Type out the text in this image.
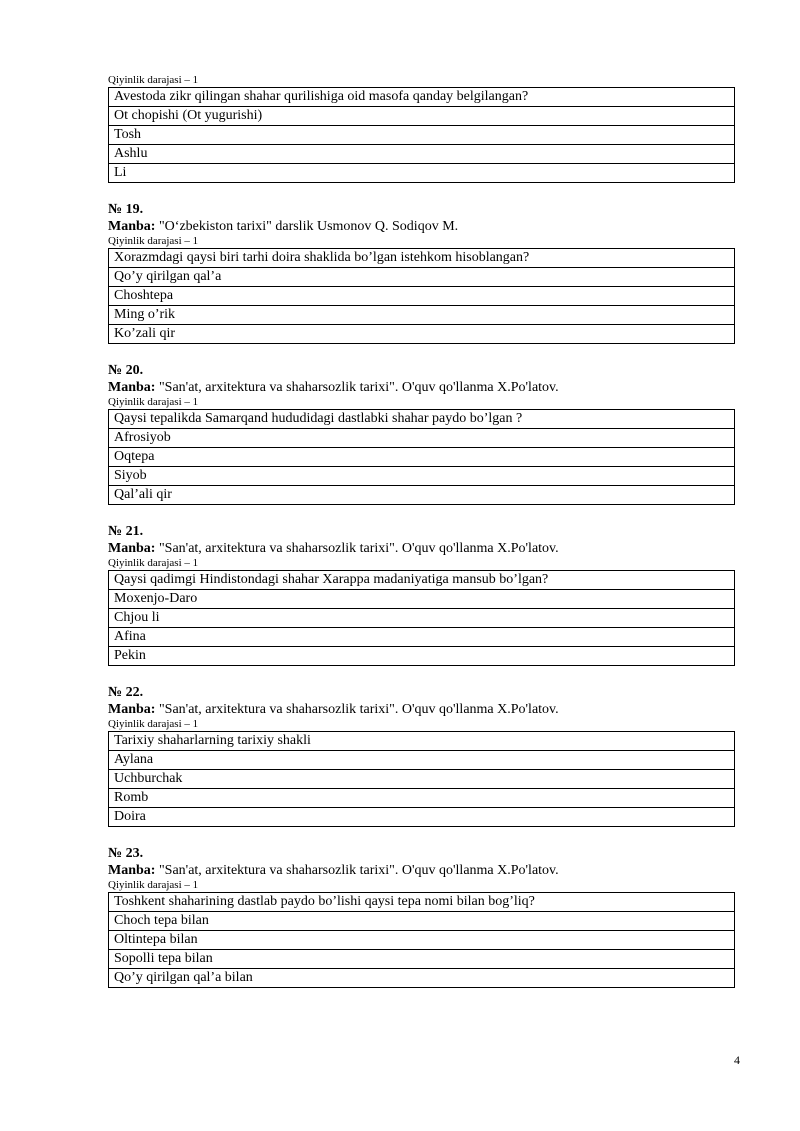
Qiyinlik darajasi – 1
Avestoda zikr qilingan shahar qurilishiga oid masofa qanday belgilangan?
Ot chopishi (Ot yugurishi)
Tosh
Ashlu
Li
№ 19.
Manba: "O‘zbekiston tarixi" darslik Usmonov Q. Sodiqov M.
Qiyinlik darajasi – 1
Xorazmdagi qaysi biri tarhi doira shaklida bo’lgan istehkom hisoblangan?
Qo’y qirilgan qal’a
Choshtepa
Ming o’rik
Ko’zali qir
№ 20.
Manba: "San'at, arxitektura va shaharsozlik tarixi". O'quv qo'llanma X.Po'latov.
Qiyinlik darajasi – 1
Qaysi tepalikda Samarqand hududidagi dastlabki shahar paydo bo’lgan ?
Afrosiyob
Oqtepa
Siyob
Qal’ali qir
№ 21.
Manba: "San'at, arxitektura va shaharsozlik tarixi". O'quv qo'llanma X.Po'latov.
Qiyinlik darajasi – 1
Qaysi qadimgi Hindistondagi shahar Xarappa madaniyatiga mansub bo’lgan?
Moxenjo-Daro
Chjou li
Afina
Pekin
№ 22.
Manba: "San'at, arxitektura va shaharsozlik tarixi". O'quv qo'llanma X.Po'latov.
Qiyinlik darajasi – 1
Tarixiy shaharlarning tarixiy shakli
Aylana
Uchburchak
Romb
Doira
№ 23.
Manba: "San'at, arxitektura va shaharsozlik tarixi". O'quv qo'llanma X.Po'latov.
Qiyinlik darajasi – 1
Toshkent shaharining dastlab paydo bo’lishi qaysi tepa nomi bilan bog’liq?
Choch tepa bilan
Oltintepa bilan
Sopolli tepa bilan
Qo’y qirilgan qal’a bilan
4
